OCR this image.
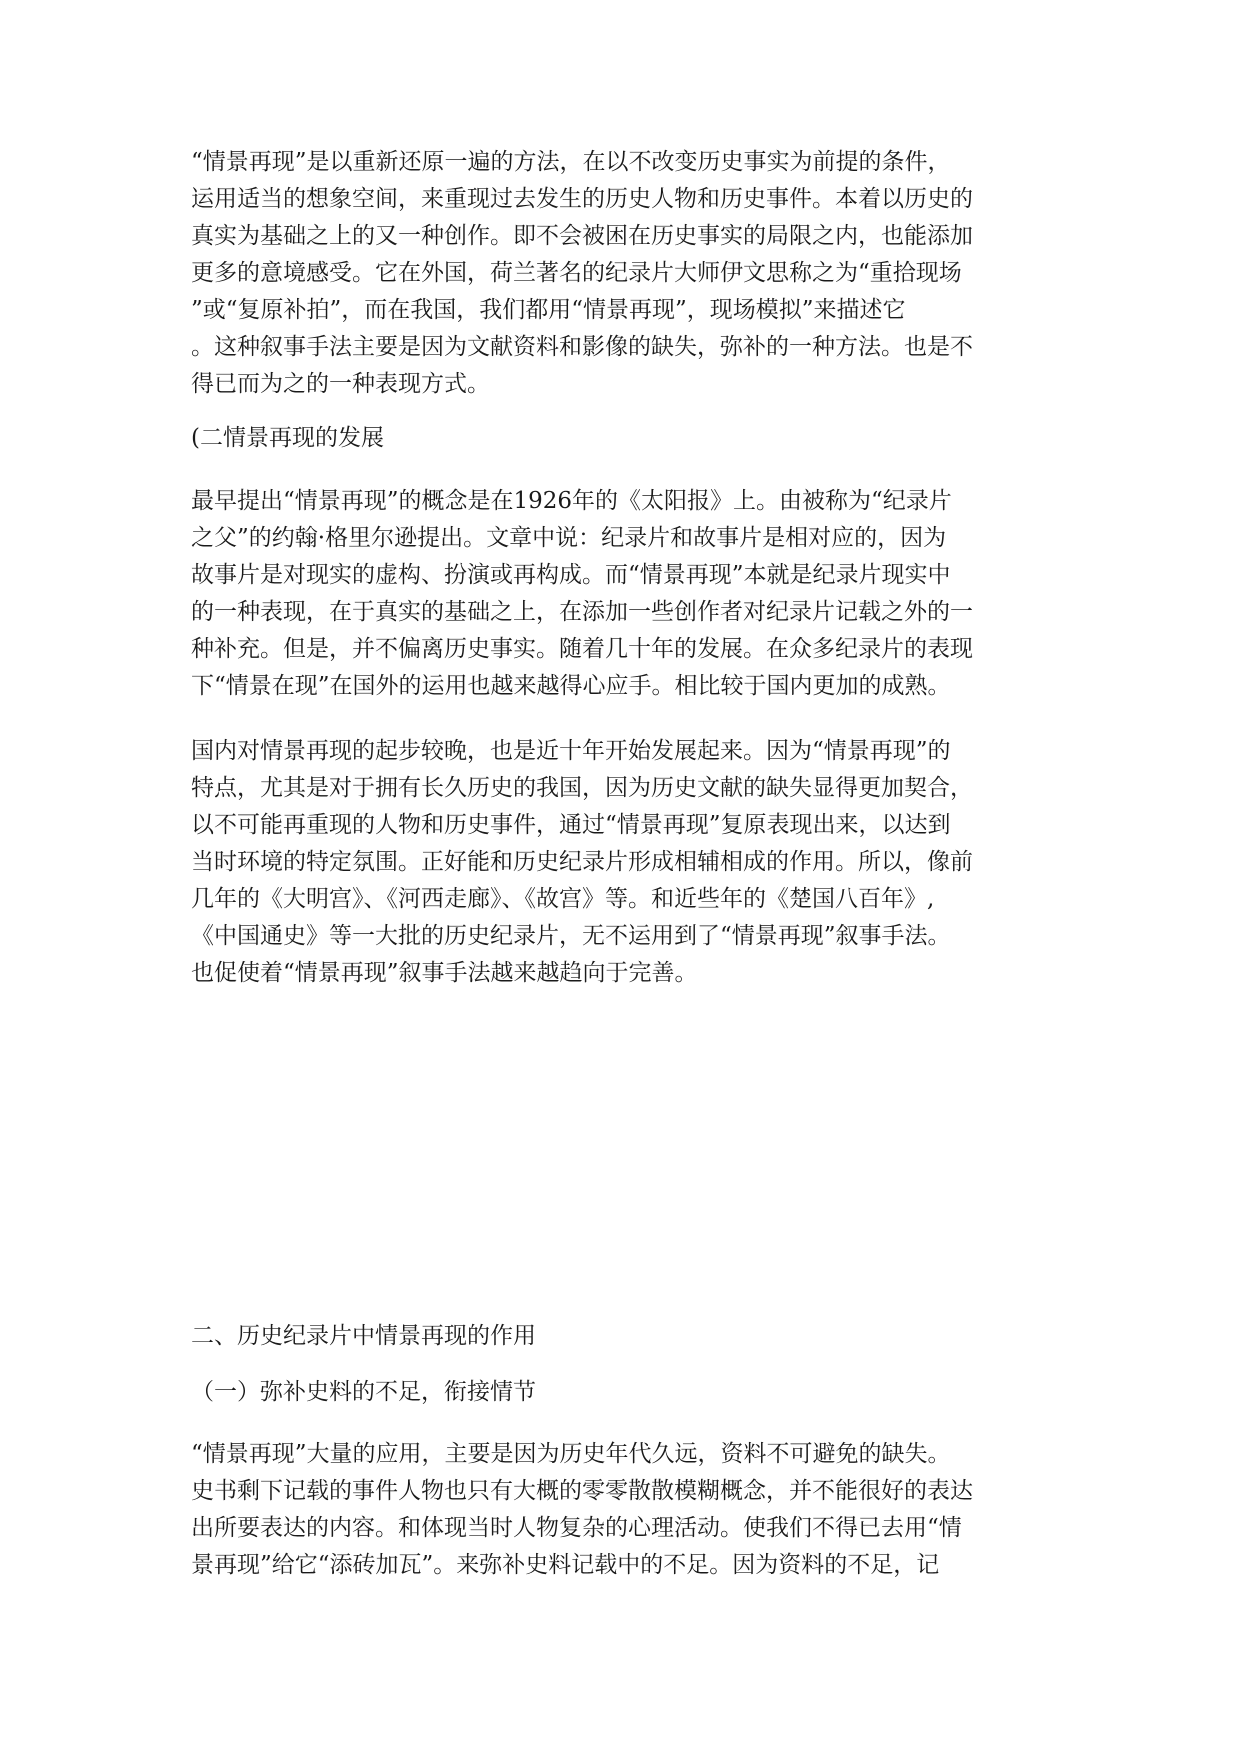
“情景再现”是以重新还原一遍的方法，在以不改变历史事实为前提的条件，
运用适当的想象空间，来重现过去发生的历史人物和历史事件。本着以历史的
真实为基础之上的又一种创作。即不会被困在历史事实的局限之内，也能添加
更多的意境感受。它在外国，荷兰著名的纪录片大师伊文思称之为“重拾现场
”或“复原补拍”，而在我国，我们都用“情景再现”，现场模拟”来描述它
。这种叙事手法主要是因为文献资料和影像的缺失，弥补的一种方法。也是不
得已而为之的一种表现方式。
(二情景再现的发展
最早提出“情景再现”的概念是在1926年的《太阳报》上。由被称为“纪录片
之父”的约翰·格里尔逊提出。文章中说：纪录片和故事片是相对应的，因为
故事片是对现实的虚构、扮演或再构成。而“情景再现”本就是纪录片现实中
的一种表现，在于真实的基础之上，在添加一些创作者对纪录片记载之外的一
种补充。但是，并不偏离历史事实。随着几十年的发展。在众多纪录片的表现
下“情景在现”在国外的运用也越来越得心应手。相比较于国内更加的成熟。
国内对情景再现的起步较晚，也是近十年开始发展起来。因为“情景再现”的
特点，尤其是对于拥有长久历史的我国，因为历史文献的缺失显得更加契合，
以不可能再重现的人物和历史事件，通过“情景再现”复原表现出来，以达到
当时环境的特定氛围。正好能和历史纪录片形成相辅相成的作用。所以，像前
几年的《大明宫》、《河西走廊》、《故宫》等。和近些年的《楚国八百年》,
《中国通史》等一大批的历史纪录片，无不运用到了“情景再现”叙事手法。
也促使着“情景再现”叙事手法越来越趋向于完善。
二、历史纪录片中情景再现的作用
（一）弥补史料的不足，衔接情节
“情景再现”大量的应用，主要是因为历史年代久远，资料不可避免的缺失。
史书剩下记载的事件人物也只有大概的零零散散模糊概念，并不能很好的表达
出所要表达的内容。和体现当时人物复杂的心理活动。使我们不得已去用“情
景再现”给它“添砖加瓦”。来弥补史料记载中的不足。因为资料的不足，记
